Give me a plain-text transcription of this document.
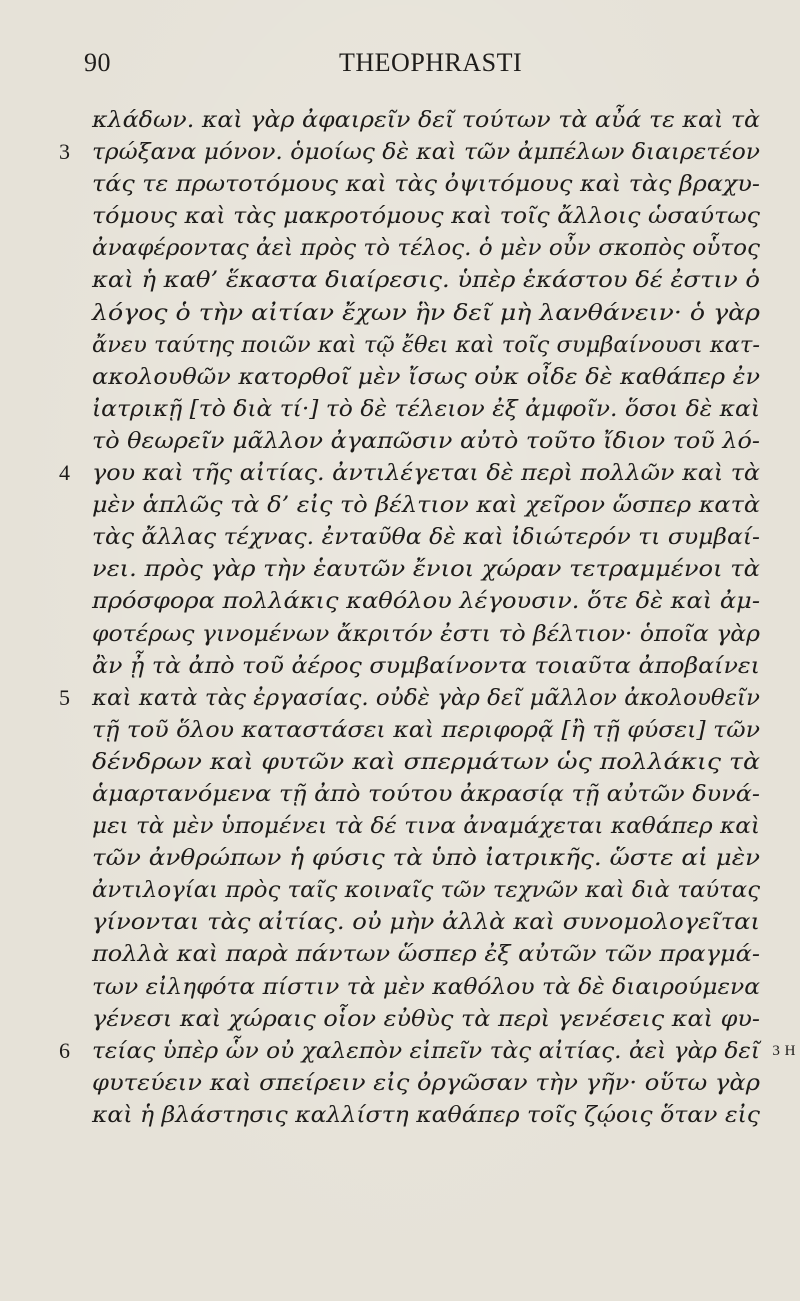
90	THEOPHRASTI
κλάδων. καὶ γὰρ ἀφαιρεῖν δεῖ τούτων τὰ αὖά τε καὶ τὰ
3 τρώξανα μόνον. ὁμοίως δὲ καὶ τῶν ἀμπέλων διαιρετέον
τάς τε πρωτοτόμους καὶ τὰς ὀψιτόμους καὶ τὰς βραχυ-
τόμους καὶ τὰς μακροτόμους καὶ τοῖς ἄλλοις ὡσαύτως
ἀναφέροντας ἀεὶ πρὸς τὸ τέλος. ὁ μὲν οὖν σκοπὸς οὗτος
καὶ ἡ καθ’ ἕκαστα διαίρεσις. ὑπὲρ ἑκάστου δέ ἐστιν ὁ
λόγος ὁ τὴν αἰτίαν ἔχων ἣν δεῖ μὴ λανθάνειν· ὁ γὰρ
ἄνευ ταύτης ποιῶν καὶ τῷ ἔθει καὶ τοῖς συμβαίνουσι κατ-
ακολουθῶν κατορθοῖ μὲν ἴσως οὐκ οἶδε δὲ καθάπερ ἐν
ἰατρικῇ [τὸ διὰ τί·] τὸ δὲ τέλειον ἐξ ἀμφοῖν. ὅσοι δὲ καὶ
τὸ θεωρεῖν μᾶλλον ἀγαπῶσιν αὐτὸ τοῦτο ἴδιον τοῦ λό-
4 γου καὶ τῆς αἰτίας. ἀντιλέγεται δὲ περὶ πολλῶν καὶ τὰ
μὲν ἁπλῶς τὰ δ’ εἰς τὸ βέλτιον καὶ χεῖρον ὥσπερ κατὰ
τὰς ἄλλας τέχνας. ἐνταῦθα δὲ καὶ ἰδιώτερόν τι συμβαί-
νει. πρὸς γὰρ τὴν ἑαυτῶν ἔνιοι χώραν τετραμμένοι τὰ
πρόσφορα πολλάκις καθόλου λέγουσιν. ὅτε δὲ καὶ ἀμ-
φοτέρως γινομένων ἄκριτόν ἐστι τὸ βέλτιον· ὁποῖα γὰρ
ἂν ᾖ τὰ ἀπὸ τοῦ ἀέρος συμβαίνοντα τοιαῦτα ἀποβαίνει
5 καὶ κατὰ τὰς ἐργασίας. οὐδὲ γὰρ δεῖ μᾶλλον ἀκολουθεῖν
τῇ τοῦ ὅλου καταστάσει καὶ περιφορᾷ [ἢ τῇ φύσει] τῶν
δένδρων καὶ φυτῶν καὶ σπερμάτων ὡς πολλάκις τὰ
ἁμαρτανόμενα τῇ ἀπὸ τούτου ἀκρασίᾳ τῇ αὐτῶν δυνά-
μει τὰ μὲν ὑπομένει τὰ δέ τινα ἀναμάχεται καθάπερ καὶ
τῶν ἀνθρώπων ἡ φύσις τὰ ὑπὸ ἰατρικῆς. ὥστε αἱ μὲν
ἀντιλογίαι πρὸς ταῖς κοιναῖς τῶν τεχνῶν καὶ διὰ ταύτας
γίνονται τὰς αἰτίας. οὐ μὴν ἀλλὰ καὶ συνομολογεῖται
πολλὰ καὶ παρὰ πάντων ὥσπερ ἐξ αὐτῶν τῶν πραγμά-
των εἰληφότα πίστιν τὰ μὲν καθόλου τὰ δὲ διαιρούμενα
γένεσι καὶ χώραις οἷον εὐθὺς τὰ περὶ γενέσεις καὶ φυ-
6 τείας ὑπὲρ ὧν οὐ χαλεπὸν εἰπεῖν τὰς αἰτίας. ἀεὶ γὰρ δεῖ 3 H
φυτεύειν καὶ σπείρειν εἰς ὀργῶσαν τὴν γῆν· οὕτω γὰρ
καὶ ἡ βλάστησις καλλίστη καθάπερ τοῖς ζῴοις ὅταν εἰς
